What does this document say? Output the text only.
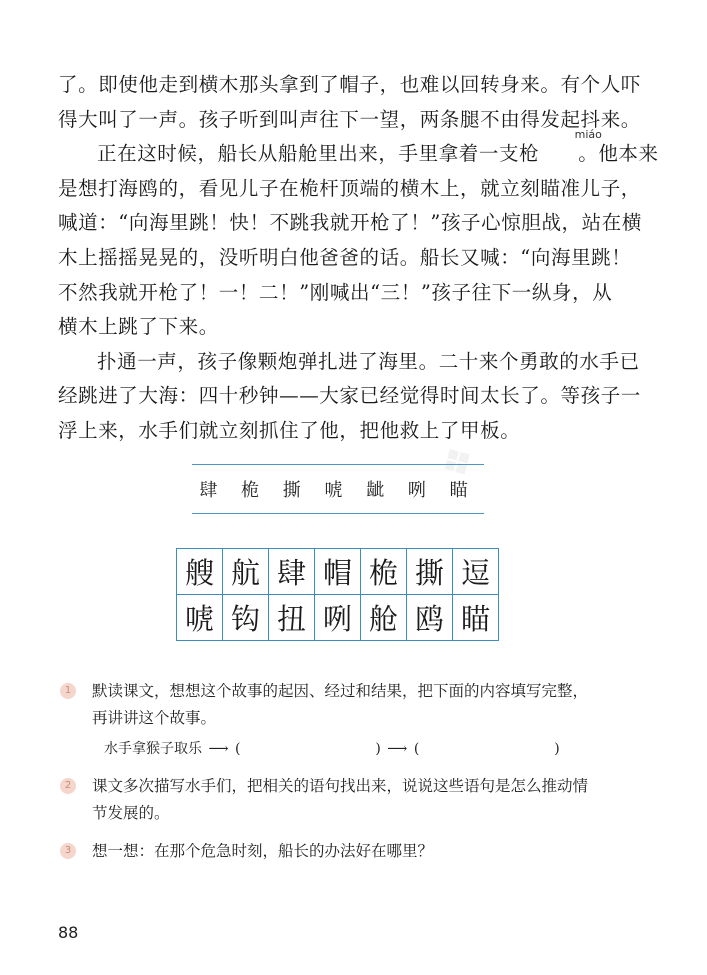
了。即使他走到横木那头拿到了帽子，也难以回转身来。有个人吓
得大叫了一声。孩子听到叫声往下一望，两条腿不由得发起抖来。

正在这时候，船长从船舱里出来，手里拿着一支枪 。
miáo
他本来
是想打海鸥的，看见儿子在桅杆顶端的横木上，就立刻瞄准儿子，
喊道：“向海里跳！快！不跳我就开枪了！”孩子心惊胆战，站在横
木上摇摇晃晃的，没听明白他爸爸的话。船长又喊：“向海里跳！
不然我就开枪了！一！二！”刚喊出“三！”孩子往下一纵身，从
横木上跳了下来。

扑通一声，孩子像颗炮弹扎进了海里。二十来个勇敢的水手已
经跳进了大海：四十秒钟——大家已经觉得时间太长了。等孩子一
浮上来，水手们就立刻抓住了他，把他救上了甲板。

❖
肆 桅 撕 唬 龇 咧 瞄
艘 航 肆 帽 桅 撕 逗
唬 钩 扭 咧 舱 鸥 瞄
1	默读课文，想想这个故事的起因、经过和结果，把下面的内容填写完整，
再讲讲这个故事。
水手拿猴子取乐 ⟶ (	) ⟶ (	)
2	课文多次描写水手们，把相关的语句找出来，说说这些语句是怎么推动情
节发展的。
3	想一想：在那个危急时刻，船长的办法好在哪里？
88
